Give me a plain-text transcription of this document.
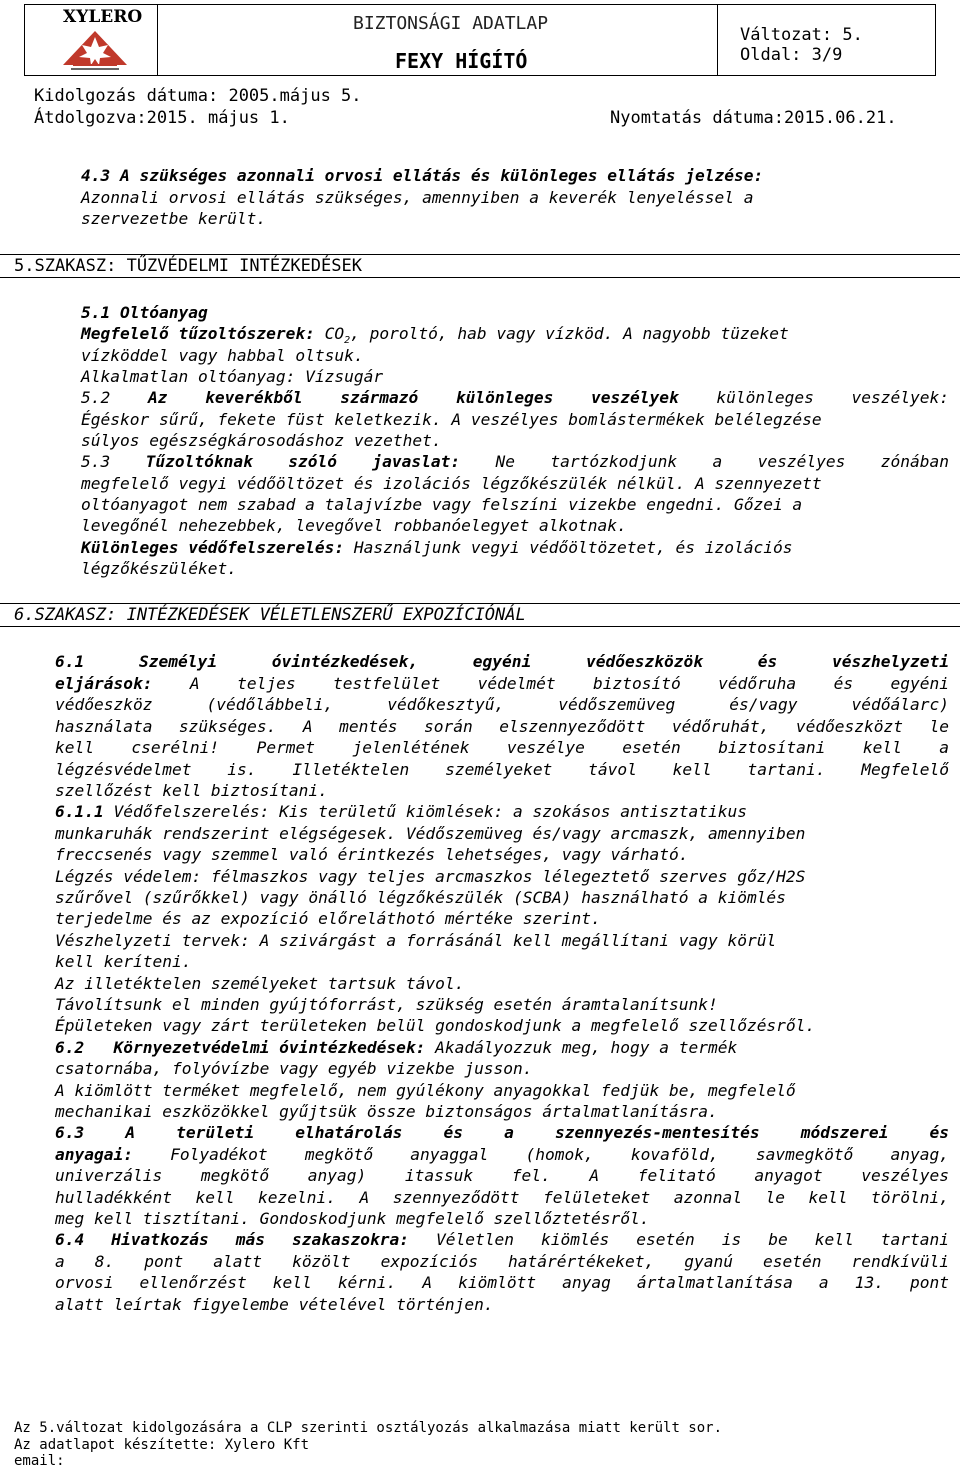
XYLERO	BIZTONSÁGI ADATLAP
FEXY HÍGÍTÓ
Változat: 5.
Oldal: 3/9
Kidolgozás dátuma: 2005.május 5.
Átdolgozva:2015. május 1.	Nyomtatás dátuma:2015.06.21.
4.3 A szükséges azonnali orvosi ellátás és különleges ellátás jelzése:
Azonnali orvosi ellátás szükséges, amennyiben a keverék lenyeléssel a
szervezetbe került.
5.SZAKASZ: TŰZVÉDELMI INTÉZKEDÉSEK
5.1 Oltóanyag
Megfelelő tűzoltószerek: $CO_2$, poroltó, hab vagy vízköd. A nagyobb tüzeket
vízköddel vagy habbal oltsuk.
Alkalmatlan oltóanyag: Vízsugár
5.2 Az keverékből származó különleges veszélyek különleges veszélyek:
Égéskor sűrű, fekete füst keletkezik. A veszélyes bomlástermékek belélegzése
súlyos egészségkárosodáshoz vezethet.
5.3 Tűzoltóknak szóló javaslat: Ne tartózkodjunk a veszélyes zónában
megfelelő vegyi védőöltözet és izolációs légzőkészülék nélkül. A szennyezett
oltóanyagot nem szabad a talajvízbe vagy felszíni vizekbe engedni. Gőzei a
levegőnél nehezebbek, levegővel robbanóelegyet alkotnak.
Különleges védőfelszerelés: Használjunk vegyi védőöltözetet, és izolációs
légzőkészüléket.
6.SZAKASZ: INTÉZKEDÉSEK VÉLETLENSZERŰ EXPOZÍCIÓNÁL
6.1 Személyi óvintézkedések, egyéni védőeszközök és vészhelyzeti
eljárások: A teljes testfelület védelmét biztosító védőruha és egyéni
védőeszköz (védőlábbeli, védőkesztyű, védőszemüveg és/vagy védőálarc)
használata szükséges. A mentés során elszennyeződött védőruhát, védőeszközt le
kell cserélni! Permet jelenlétének veszélye esetén biztosítani kell a
légzésvédelmet is. Illetéktelen személyeket távol kell tartani. Megfelelő
szellőzést kell biztosítani.
6.1.1 Védőfelszerelés: Kis területű kiömlések: a szokásos antisztatikus
munkaruhák rendszerint elégségesek. Védőszemüveg és/vagy arcmaszk, amennyiben
freccsenés vagy szemmel való érintkezés lehetséges, vagy várható.
Légzés védelem: félmaszkos vagy teljes arcmaszkos lélegeztető szerves gőz/H2S
szűrővel (szűrőkkel) vagy önálló légzőkészülék (SCBA) használható a kiömlés
terjedelme és az expozíció előreláthotó mértéke szerint.
Vészhelyzeti tervek: A szivárgást a forrásánál kell megállítani vagy körül
kell keríteni.
Az illetéktelen személyeket tartsuk távol.
Távolítsunk el minden gyújtóforrást, szükség esetén áramtalanítsunk!
Épületeken vagy zárt területeken belül gondoskodjunk a megfelelő szellőzésről.
6.2 Környezetvédelmi óvintézkedések: Akadályozzuk meg, hogy a termék
csatornába, folyóvízbe vagy egyéb vizekbe jusson.
A kiömlött terméket megfelelő, nem gyúlékony anyagokkal fedjük be, megfelelő
mechanikai eszközökkel gyűjtsük össze biztonságos ártalmatlanításra.
6.3 A területi elhatárolás és a szennyezés-mentesítés módszerei és
anyagai: Folyadékot megkötő anyaggal (homok, kovaföld, savmegkötő anyag,
univerzális megkötő anyag) itassuk fel. A felitató anyagot veszélyes
hulladékként kell kezelni. A szennyeződött felületeket azonnal le kell törölni,
meg kell tisztítani. Gondoskodjunk megfelelő szellőztetésről.
6.4 Hivatkozás más szakaszokra: Véletlen kiömlés esetén is be kell tartani
a 8. pont alatt közölt expozíciós határértékeket, gyanú esetén rendkívüli
orvosi ellenőrzést kell kérni. A kiömlött anyag ártalmatlanítása a 13. pont
alatt leírtak figyelembe vételével történjen.
Az 5.változat kidolgozására a CLP szerinti osztályozás alkalmazása miatt került sor.
Az adatlapot készítette: Xylero Kft
email:
